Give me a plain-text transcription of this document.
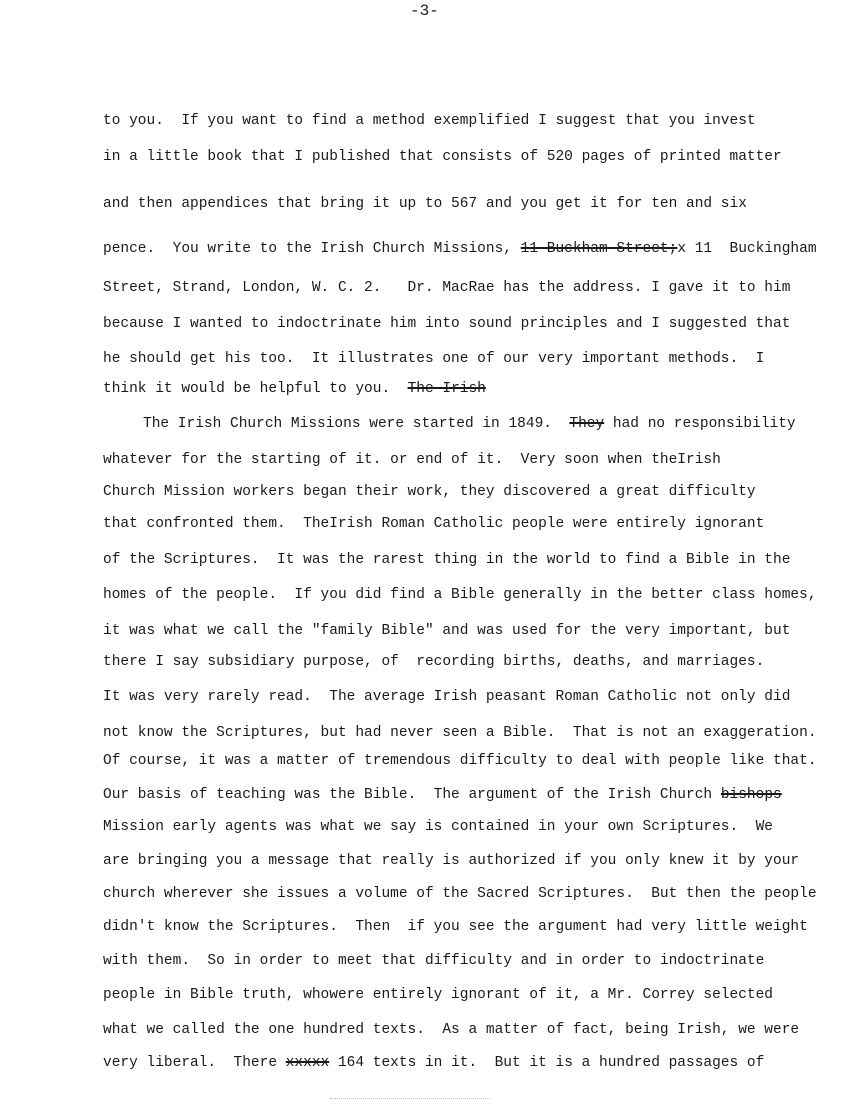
-3-
to you.  If you want to find a method exemplified I suggest that you invest
in a little book that I published that consists of 520 pages of printed matter
and then appendices that bring it up to 567 and you get it for ten and six
pence.  You write to the Irish Church Missions, 11 Buckham Street;x 11  Buckingham
Street, Strand, London, W. C. 2.   Dr. MacRae has the address. I gave it to him
because I wanted to indoctrinate him into sound principles and I suggested that
he should get his too.  It illustrates one of our very important methods.  I
think it would be helpful to you.  The Irish
The Irish Church Missions were started in 1849.  They had no responsibility
whatever for the starting of it. or end of it.  Very soon when theIrish
Church Mission workers began their work, they discovered a great difficulty
that confronted them.  TheIrish Roman Catholic people were entirely ignorant
of the Scriptures.  It was the rarest thing in the world to find a Bible in the
homes of the people.  If you did find a Bible generally in the better class homes,
it was what we call the "family Bible" and was used for the very important, but
there I say subsidiary purpose, of  recording births, deaths, and marriages.
It was very rarely read.  The average Irish peasant Roman Catholic not only did
not know the Scriptures, but had never seen a Bible.  That is not an exaggeration.
Of course, it was a matter of tremendous difficulty to deal with people like that.
Our basis of teaching was the Bible.  The argument of the Irish Church bishops
Mission early agents was what we say is contained in your own Scriptures.  We
are bringing you a message that really is authorized if you only knew it by your
church wherever she issues a volume of the Sacred Scriptures.  But then the people
didn't know the Scriptures.  Then  if you see the argument had very little weight
with them.  So in order to meet that difficulty and in order to indoctrinate
people in Bible truth, whowere entirely ignorant of it, a Mr. Correy selected
what we called the one hundred texts.  As a matter of fact, being Irish, we were
very liberal.  There xxxxx 164 texts in it.  But it is a hundred passages of
